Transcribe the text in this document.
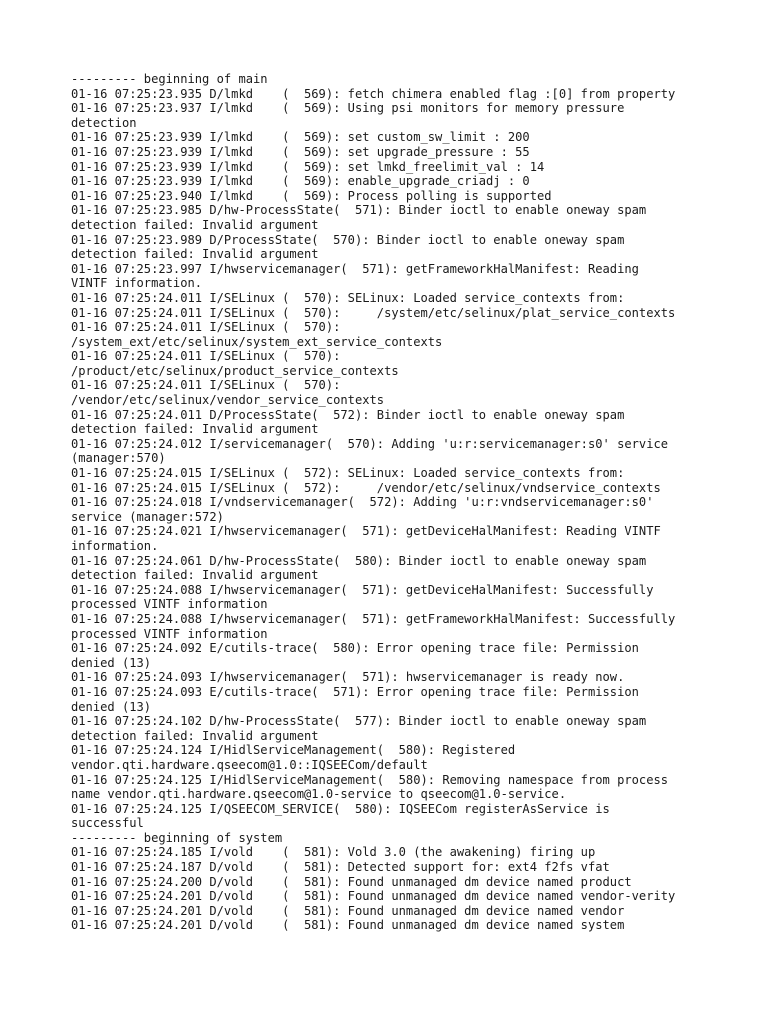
--------- beginning of main
01-16 07:25:23.935 D/lmkd    (  569): fetch chimera enabled flag :[0] from property
01-16 07:25:23.937 I/lmkd    (  569): Using psi monitors for memory pressure
detection
01-16 07:25:23.939 I/lmkd    (  569): set custom_sw_limit : 200
01-16 07:25:23.939 I/lmkd    (  569): set upgrade_pressure : 55
01-16 07:25:23.939 I/lmkd    (  569): set lmkd_freelimit_val : 14
01-16 07:25:23.939 I/lmkd    (  569): enable_upgrade_criadj : 0
01-16 07:25:23.940 I/lmkd    (  569): Process polling is supported
01-16 07:25:23.985 D/hw-ProcessState(  571): Binder ioctl to enable oneway spam
detection failed: Invalid argument
01-16 07:25:23.989 D/ProcessState(  570): Binder ioctl to enable oneway spam
detection failed: Invalid argument
01-16 07:25:23.997 I/hwservicemanager(  571): getFrameworkHalManifest: Reading
VINTF information.
01-16 07:25:24.011 I/SELinux (  570): SELinux: Loaded service_contexts from:
01-16 07:25:24.011 I/SELinux (  570):     /system/etc/selinux/plat_service_contexts
01-16 07:25:24.011 I/SELinux (  570):
/system_ext/etc/selinux/system_ext_service_contexts
01-16 07:25:24.011 I/SELinux (  570):
/product/etc/selinux/product_service_contexts
01-16 07:25:24.011 I/SELinux (  570):
/vendor/etc/selinux/vendor_service_contexts
01-16 07:25:24.011 D/ProcessState(  572): Binder ioctl to enable oneway spam
detection failed: Invalid argument
01-16 07:25:24.012 I/servicemanager(  570): Adding 'u:r:servicemanager:s0' service
(manager:570)
01-16 07:25:24.015 I/SELinux (  572): SELinux: Loaded service_contexts from:
01-16 07:25:24.015 I/SELinux (  572):     /vendor/etc/selinux/vndservice_contexts
01-16 07:25:24.018 I/vndservicemanager(  572): Adding 'u:r:vndservicemanager:s0'
service (manager:572)
01-16 07:25:24.021 I/hwservicemanager(  571): getDeviceHalManifest: Reading VINTF
information.
01-16 07:25:24.061 D/hw-ProcessState(  580): Binder ioctl to enable oneway spam
detection failed: Invalid argument
01-16 07:25:24.088 I/hwservicemanager(  571): getDeviceHalManifest: Successfully
processed VINTF information
01-16 07:25:24.088 I/hwservicemanager(  571): getFrameworkHalManifest: Successfully
processed VINTF information
01-16 07:25:24.092 E/cutils-trace(  580): Error opening trace file: Permission
denied (13)
01-16 07:25:24.093 I/hwservicemanager(  571): hwservicemanager is ready now.
01-16 07:25:24.093 E/cutils-trace(  571): Error opening trace file: Permission
denied (13)
01-16 07:25:24.102 D/hw-ProcessState(  577): Binder ioctl to enable oneway spam
detection failed: Invalid argument
01-16 07:25:24.124 I/HidlServiceManagement(  580): Registered
vendor.qti.hardware.qseecom@1.0::IQSEECom/default
01-16 07:25:24.125 I/HidlServiceManagement(  580): Removing namespace from process
name vendor.qti.hardware.qseecom@1.0-service to qseecom@1.0-service.
01-16 07:25:24.125 I/QSEECOM_SERVICE(  580): IQSEECom registerAsService is
successful
--------- beginning of system
01-16 07:25:24.185 I/vold    (  581): Vold 3.0 (the awakening) firing up
01-16 07:25:24.187 D/vold    (  581): Detected support for: ext4 f2fs vfat
01-16 07:25:24.200 D/vold    (  581): Found unmanaged dm device named product
01-16 07:25:24.201 D/vold    (  581): Found unmanaged dm device named vendor-verity
01-16 07:25:24.201 D/vold    (  581): Found unmanaged dm device named vendor
01-16 07:25:24.201 D/vold    (  581): Found unmanaged dm device named system
